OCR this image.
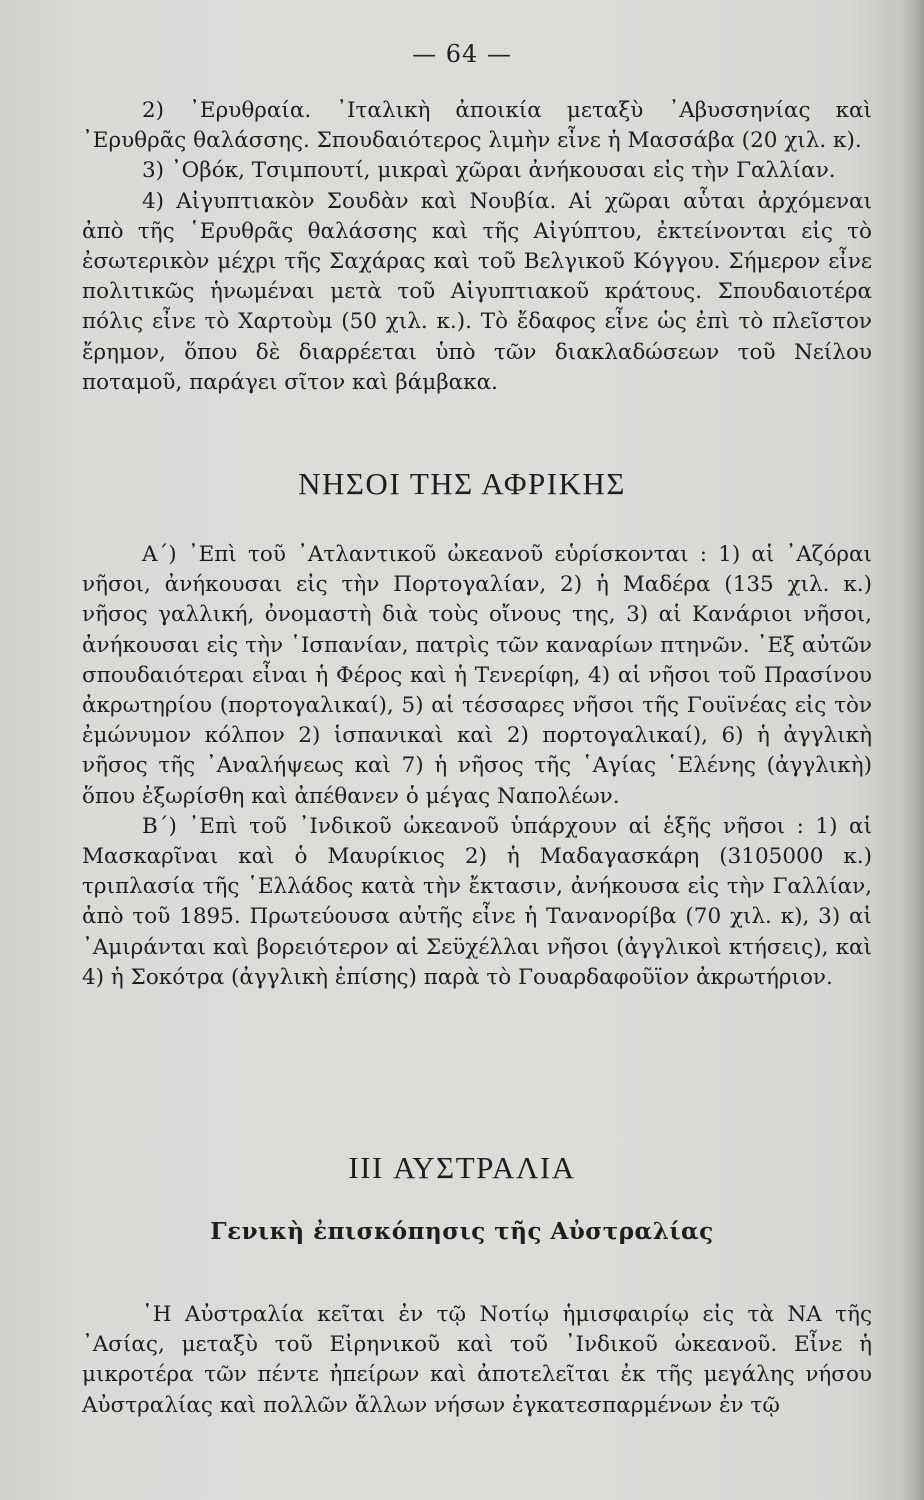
— 64 —

2) ᾿Ερυθραία. ᾿Ιταλικὴ ἀποικία μεταξὺ ᾿Αβυσσηνίας καὶ ᾿Ερυθρᾶς θαλάσσης. Σπουδαιότερος λιμὴν εἶνε ἡ Μασσάβα (20 χιλ. κ).

3) ᾿Οβόκ, Τσιμπουτί, μικραὶ χῶραι ἀνήκουσαι εἰς τὴν Γαλλίαν.

4) Αἰγυπτιακὸν Σουδὰν καὶ Νουβία. Αἱ χῶραι αὗται ἀρχόμεναι ἀπὸ τῆς ῾Ερυθρᾶς θαλάσσης καὶ τῆς Αἰγύπτου, ἐκτείνονται εἰς τὸ ἐσωτερικὸν μέχρι τῆς Σαχάρας καὶ τοῦ Βελγικοῦ Κόγγου. Σήμερον εἶνε πολιτικῶς ἡνωμέναι μετὰ τοῦ Αἰγυπτιακοῦ κράτους. Σπουδαιοτέρα πόλις εἶνε τὸ Χαρτοὺμ (50 χιλ. κ.). Τὸ ἔδαφος εἶνε ὡς ἐπὶ τὸ πλεῖστον ἔρημον, ὅπου δὲ διαρρέεται ὑπὸ τῶν διακλαδώσεων τοῦ Νείλου ποταμοῦ, παράγει σῖτον καὶ βάμβακα.

ΝΗΣΟΙ ΤΗΣ ΑΦΡΙΚΗΣ

Α΄) ᾿Επὶ τοῦ ᾿Ατλαντικοῦ ὠκεανοῦ εὑρίσκονται : 1) αἱ ᾿Αζόραι νῆσοι, ἀνήκουσαι εἰς τὴν Πορτογαλίαν, 2) ἡ Μαδέρα (135 χιλ. κ.) νῆσος γαλλική, ὀνομαστὴ διὰ τοὺς οἴνους της, 3) αἱ Κανάριοι νῆσοι, ἀνήκουσαι εἰς τὴν ῾Ισπανίαν, πατρὶς τῶν καναρίων πτηνῶν. ᾿Εξ αὐτῶν σπουδαιότεραι εἶναι ἡ Φέρος καὶ ἡ Τενερίφη, 4) αἱ νῆσοι τοῦ Πρασίνου ἀκρωτηρίου (πορτογαλικαί), 5) αἱ τέσσαρες νῆσοι τῆς Γουϊνέας εἰς τὸν ἐμώνυμον κόλπον 2) ἱσπανικαὶ καὶ 2) πορτογαλικαί), 6) ἡ ἀγγλικὴ νῆσος τῆς ᾿Αναλήψεως καὶ 7) ἡ νῆσος τῆς ῾Αγίας ῾Ελένης (ἀγγλικὴ) ὅπου ἐξωρίσθη καὶ ἀπέθανεν ὁ μέγας Ναπολέων.

Β΄) ᾿Επὶ τοῦ ᾿Ινδικοῦ ὠκεανοῦ ὑπάρχουν αἱ ἑξῆς νῆσοι : 1) αἱ Μασκαρῖναι καὶ ὁ Μαυρίκιος 2) ἡ Μαδαγασκάρη (3105000 κ.) τριπλασία τῆς ῾Ελλάδος κατὰ τὴν ἔκτασιν, ἀνήκουσα εἰς τὴν Γαλλίαν, ἀπὸ τοῦ 1895. Πρωτεύουσα αὐτῆς εἶνε ἡ Τανανορίβα (70 χιλ. κ), 3) αἱ ᾿Αμιράνται καὶ βορειότερον αἱ Σεϋχέλλαι νῆσοι (ἀγγλικοὶ κτήσεις), καὶ 4) ἡ Σοκότρα (ἀγγλικὴ ἐπίσης) παρὰ τὸ Γουαρδαφοῦϊον ἀκρωτήριον.

III ΑΥΣΤΡΑΛΙΑ
Γενικὴ ἐπισκόπησις τῆς Αὐστραλίας

῾Η Αὐστραλία κεῖται ἐν τῷ Νοτίῳ ἡμισφαιρίῳ εἰς τὰ ΝΑ τῆς ᾿Ασίας, μεταξὺ τοῦ Εἰρηνικοῦ καὶ τοῦ ᾿Ινδικοῦ ὠκεανοῦ. Εἶνε ἡ μικροτέρα τῶν πέντε ἠπείρων καὶ ἀποτελεῖται ἐκ τῆς μεγάλης νήσου Αὐστραλίας καὶ πολλῶν ἄλλων νήσων ἐγκατεσπαρμένων ἐν τῷ
